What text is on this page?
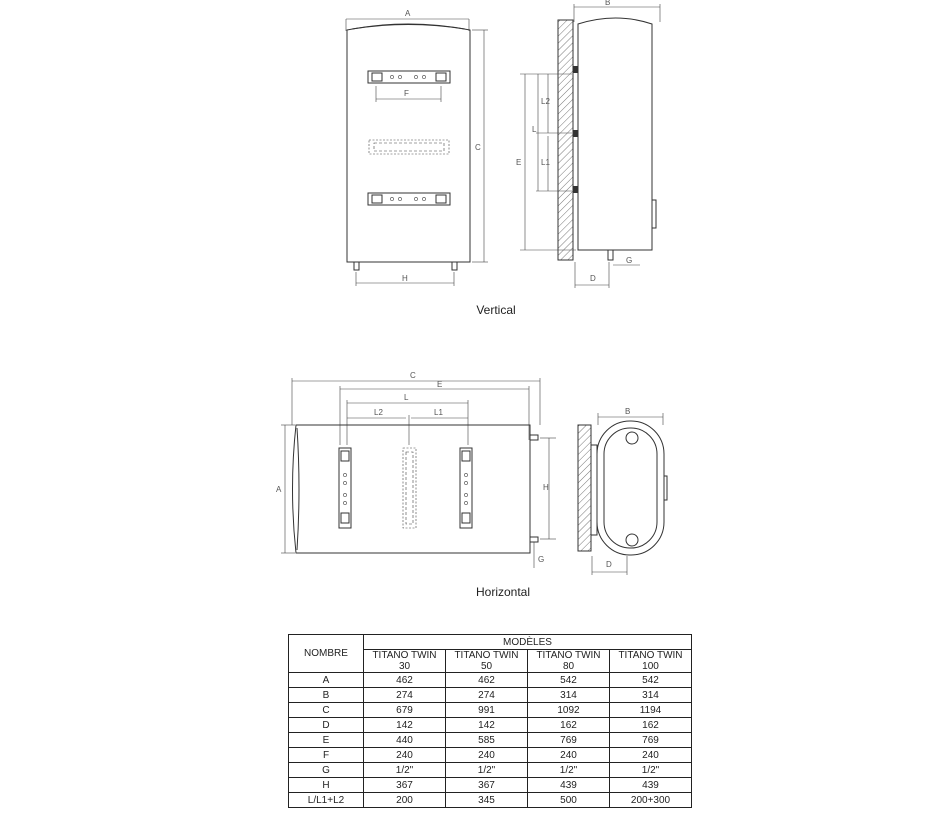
A
F
H
C
B
E
L
L2
L1
D
G
C
E
L
L2	L1
H
G
A
B
D
Vertical
Horizontal
NOMBRE	MODÈLES			
	TITANO TWIN 30	TITANO TWIN 50	TITANO TWIN 80	TITANO TWIN 100
A	462	462	542	542
B	274	274	314	314
C	679	991	1092	1194
D	142	142	162	162
E	440	585	769	769
F	240	240	240	240
G	1/2"	1/2"	1/2"	1/2"
H	367	367	439	439
L/L1+L2	200	345	500	200+300
